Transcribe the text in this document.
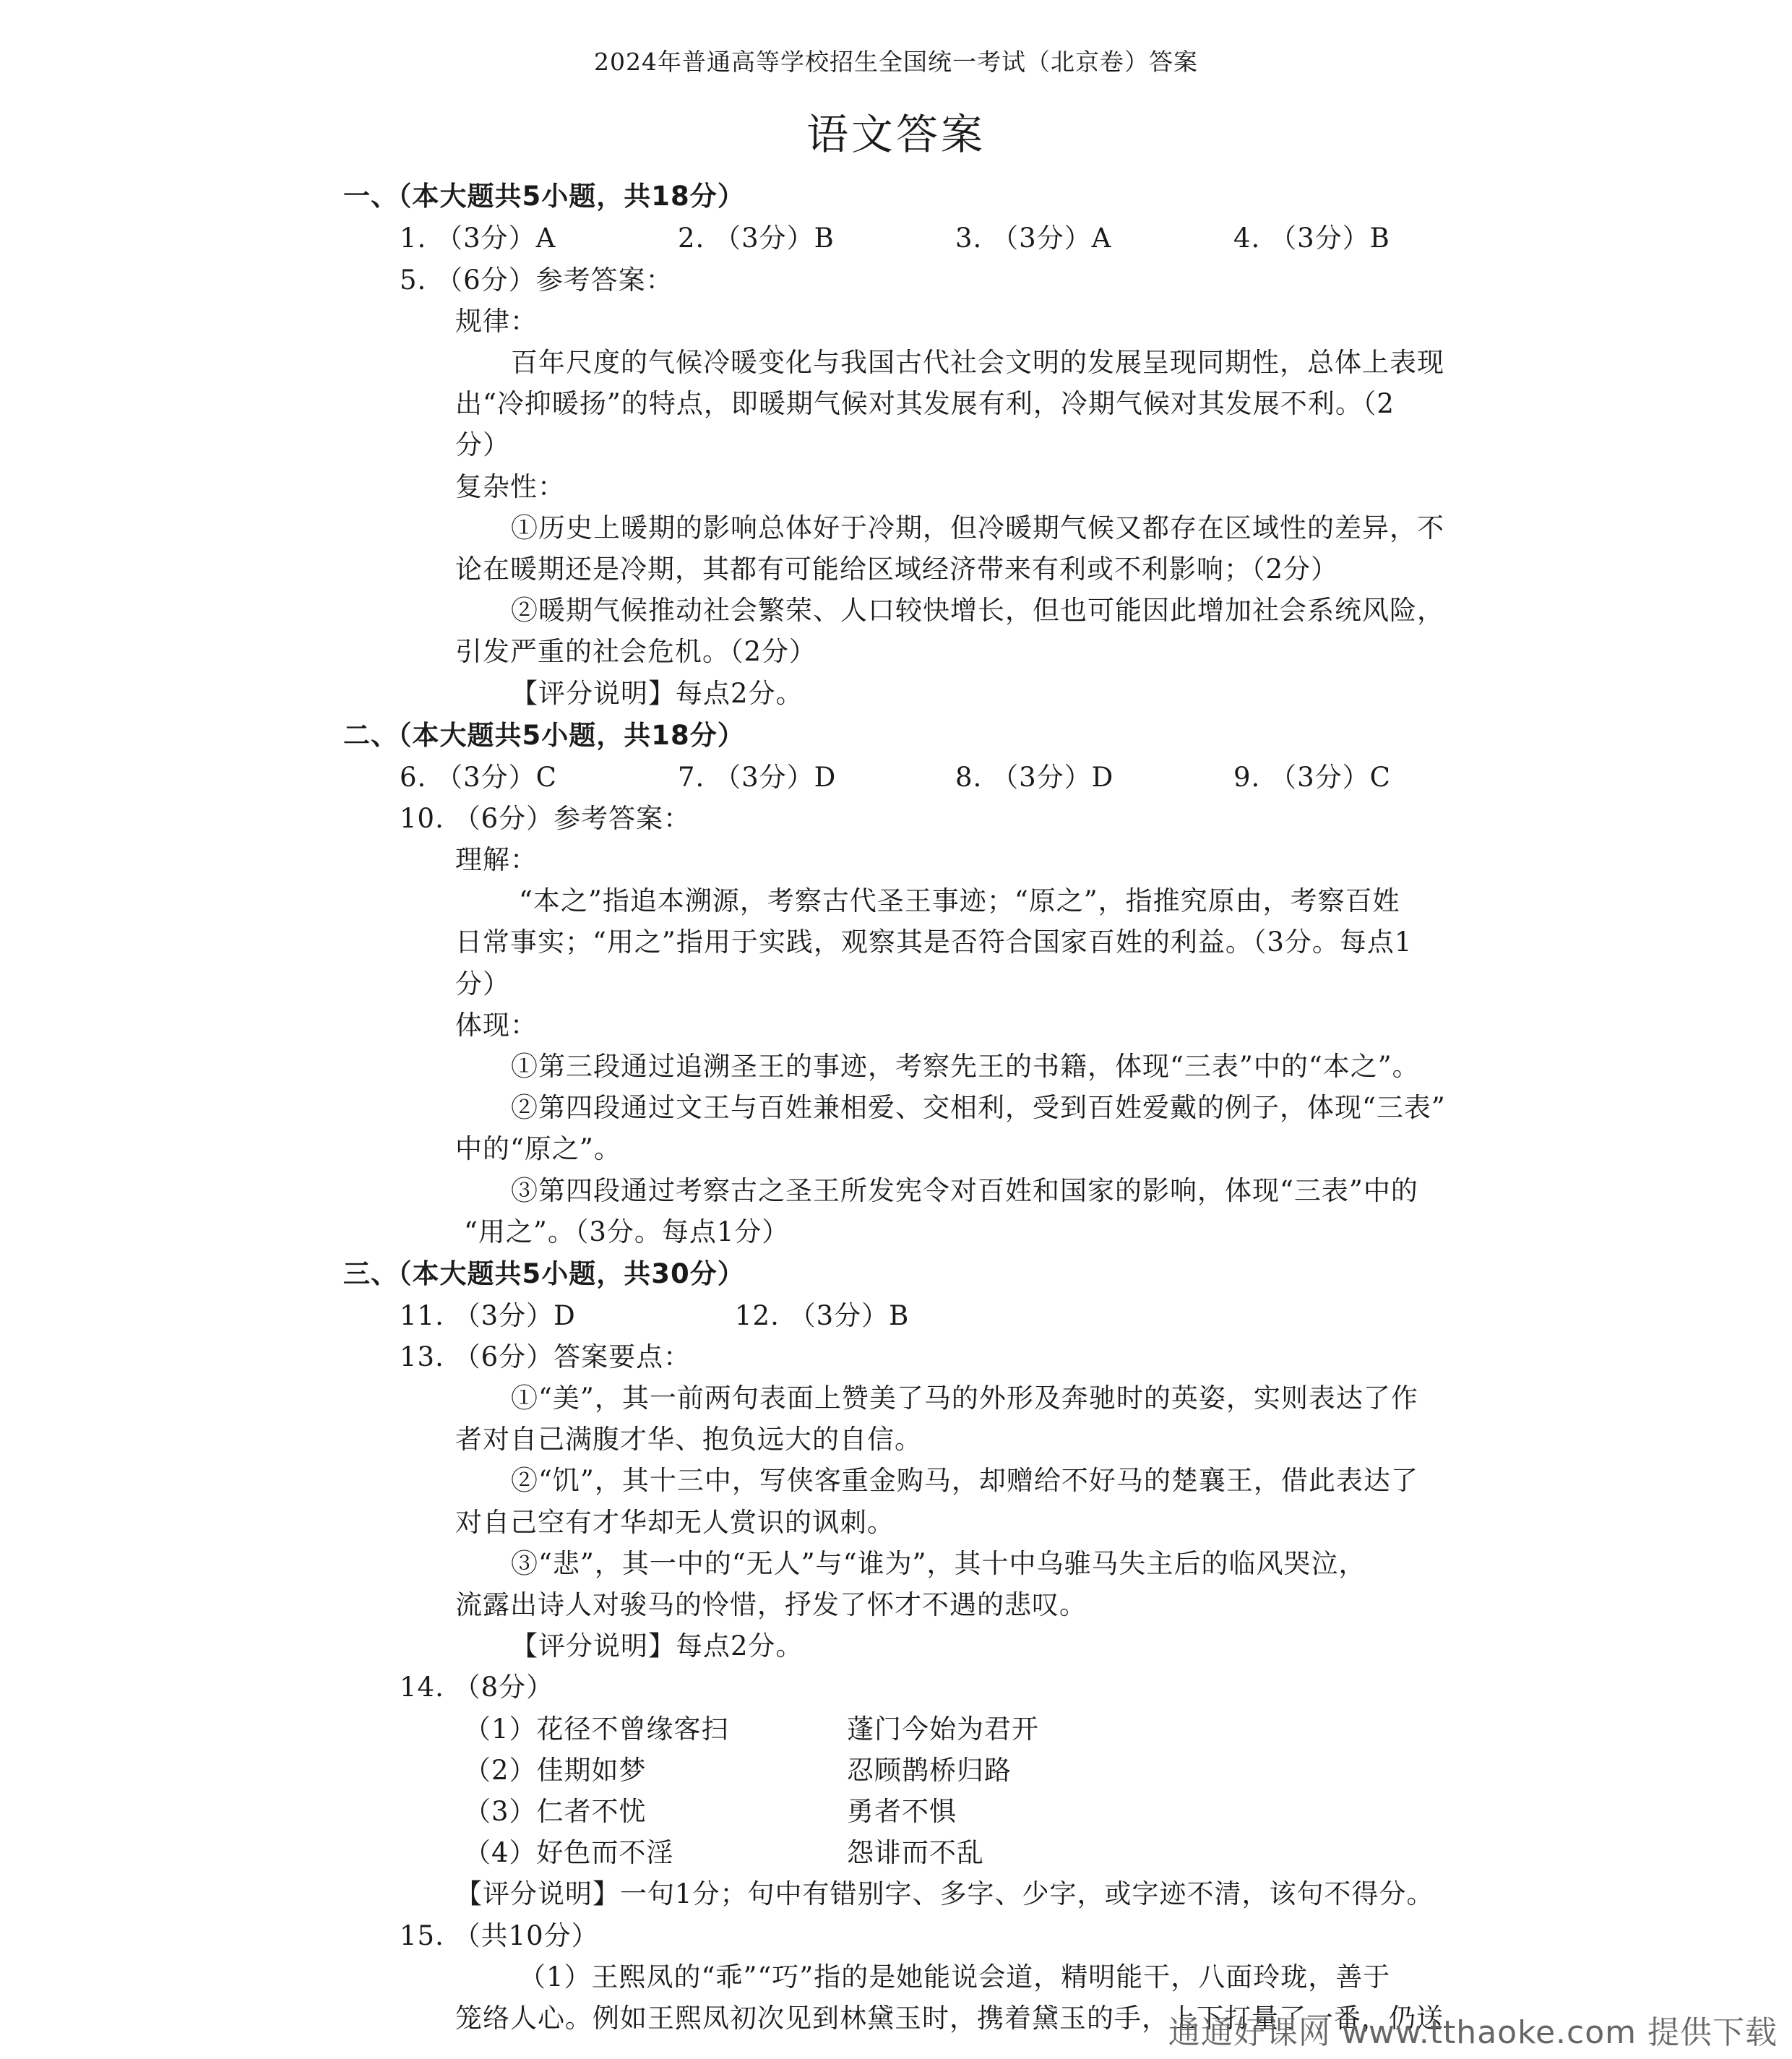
2024年普通高等学校招生全国统一考试（北京卷）答案
语文答案
一、（本大题共5小题，共18分）
1. （3分）A	2. （3分）B	3. （3分）A	4. （3分）B
5. （6分）参考答案：
规律：
百年尺度的气候冷暖变化与我国古代社会文明的发展呈现同期性，总体上表现
出“冷抑暖扬”的特点，即暖期气候对其发展有利，冷期气候对其发展不利。（2
分）
复杂性：
①历史上暖期的影响总体好于冷期，但冷暖期气候又都存在区域性的差异，不
论在暖期还是冷期，其都有可能给区域经济带来有利或不利影响；（2分）
②暖期气候推动社会繁荣、人口较快增长，但也可能因此增加社会系统风险，
引发严重的社会危机。（2分）
【评分说明】每点2分。
二、（本大题共5小题，共18分）
6. （3分）C	7. （3分）D	8. （3分）D	9. （3分）C
10. （6分）参考答案：
理解：
“本之”指追本溯源，考察古代圣王事迹；“原之”，指推究原由，考察百姓
日常事实；“用之”指用于实践，观察其是否符合国家百姓的利益。（3分。每点1
分）
体现：
①第三段通过追溯圣王的事迹，考察先王的书籍，体现“三表”中的“本之”。
②第四段通过文王与百姓兼相爱、交相利，受到百姓爱戴的例子，体现“三表”
中的“原之”。
③第四段通过考察古之圣王所发宪令对百姓和国家的影响，体现“三表”中的
“用之”。（3分。每点1分）
三、（本大题共5小题，共30分）
11. （3分）D	12. （3分）B
13. （6分）答案要点：
①“美”，其一前两句表面上赞美了马的外形及奔驰时的英姿，实则表达了作
者对自己满腹才华、抱负远大的自信。
②“饥”，其十三中，写侠客重金购马，却赠给不好马的楚襄王，借此表达了
对自己空有才华却无人赏识的讽刺。
③“悲”，其一中的“无人”与“谁为”，其十中乌骓马失主后的临风哭泣，
流露出诗人对骏马的怜惜，抒发了怀才不遇的悲叹。
【评分说明】每点2分。
14. （8分）
（1）花径不曾缘客扫	蓬门今始为君开
（2）佳期如梦	忍顾鹊桥归路
（3）仁者不忧	勇者不惧
（4）好色而不淫	怨诽而不乱
【评分说明】一句1分；句中有错别字、多字、少字，或字迹不清，该句不得分。
15. （共10分）
（1）王熙凤的“乖”“巧”指的是她能说会道，精明能干，八面玲珑，善于
笼络人心。例如王熙凤初次见到林黛玉时，携着黛玉的手，上下打量了一番，仍送
通通好课网 www.tthaoke.com 提供下载
